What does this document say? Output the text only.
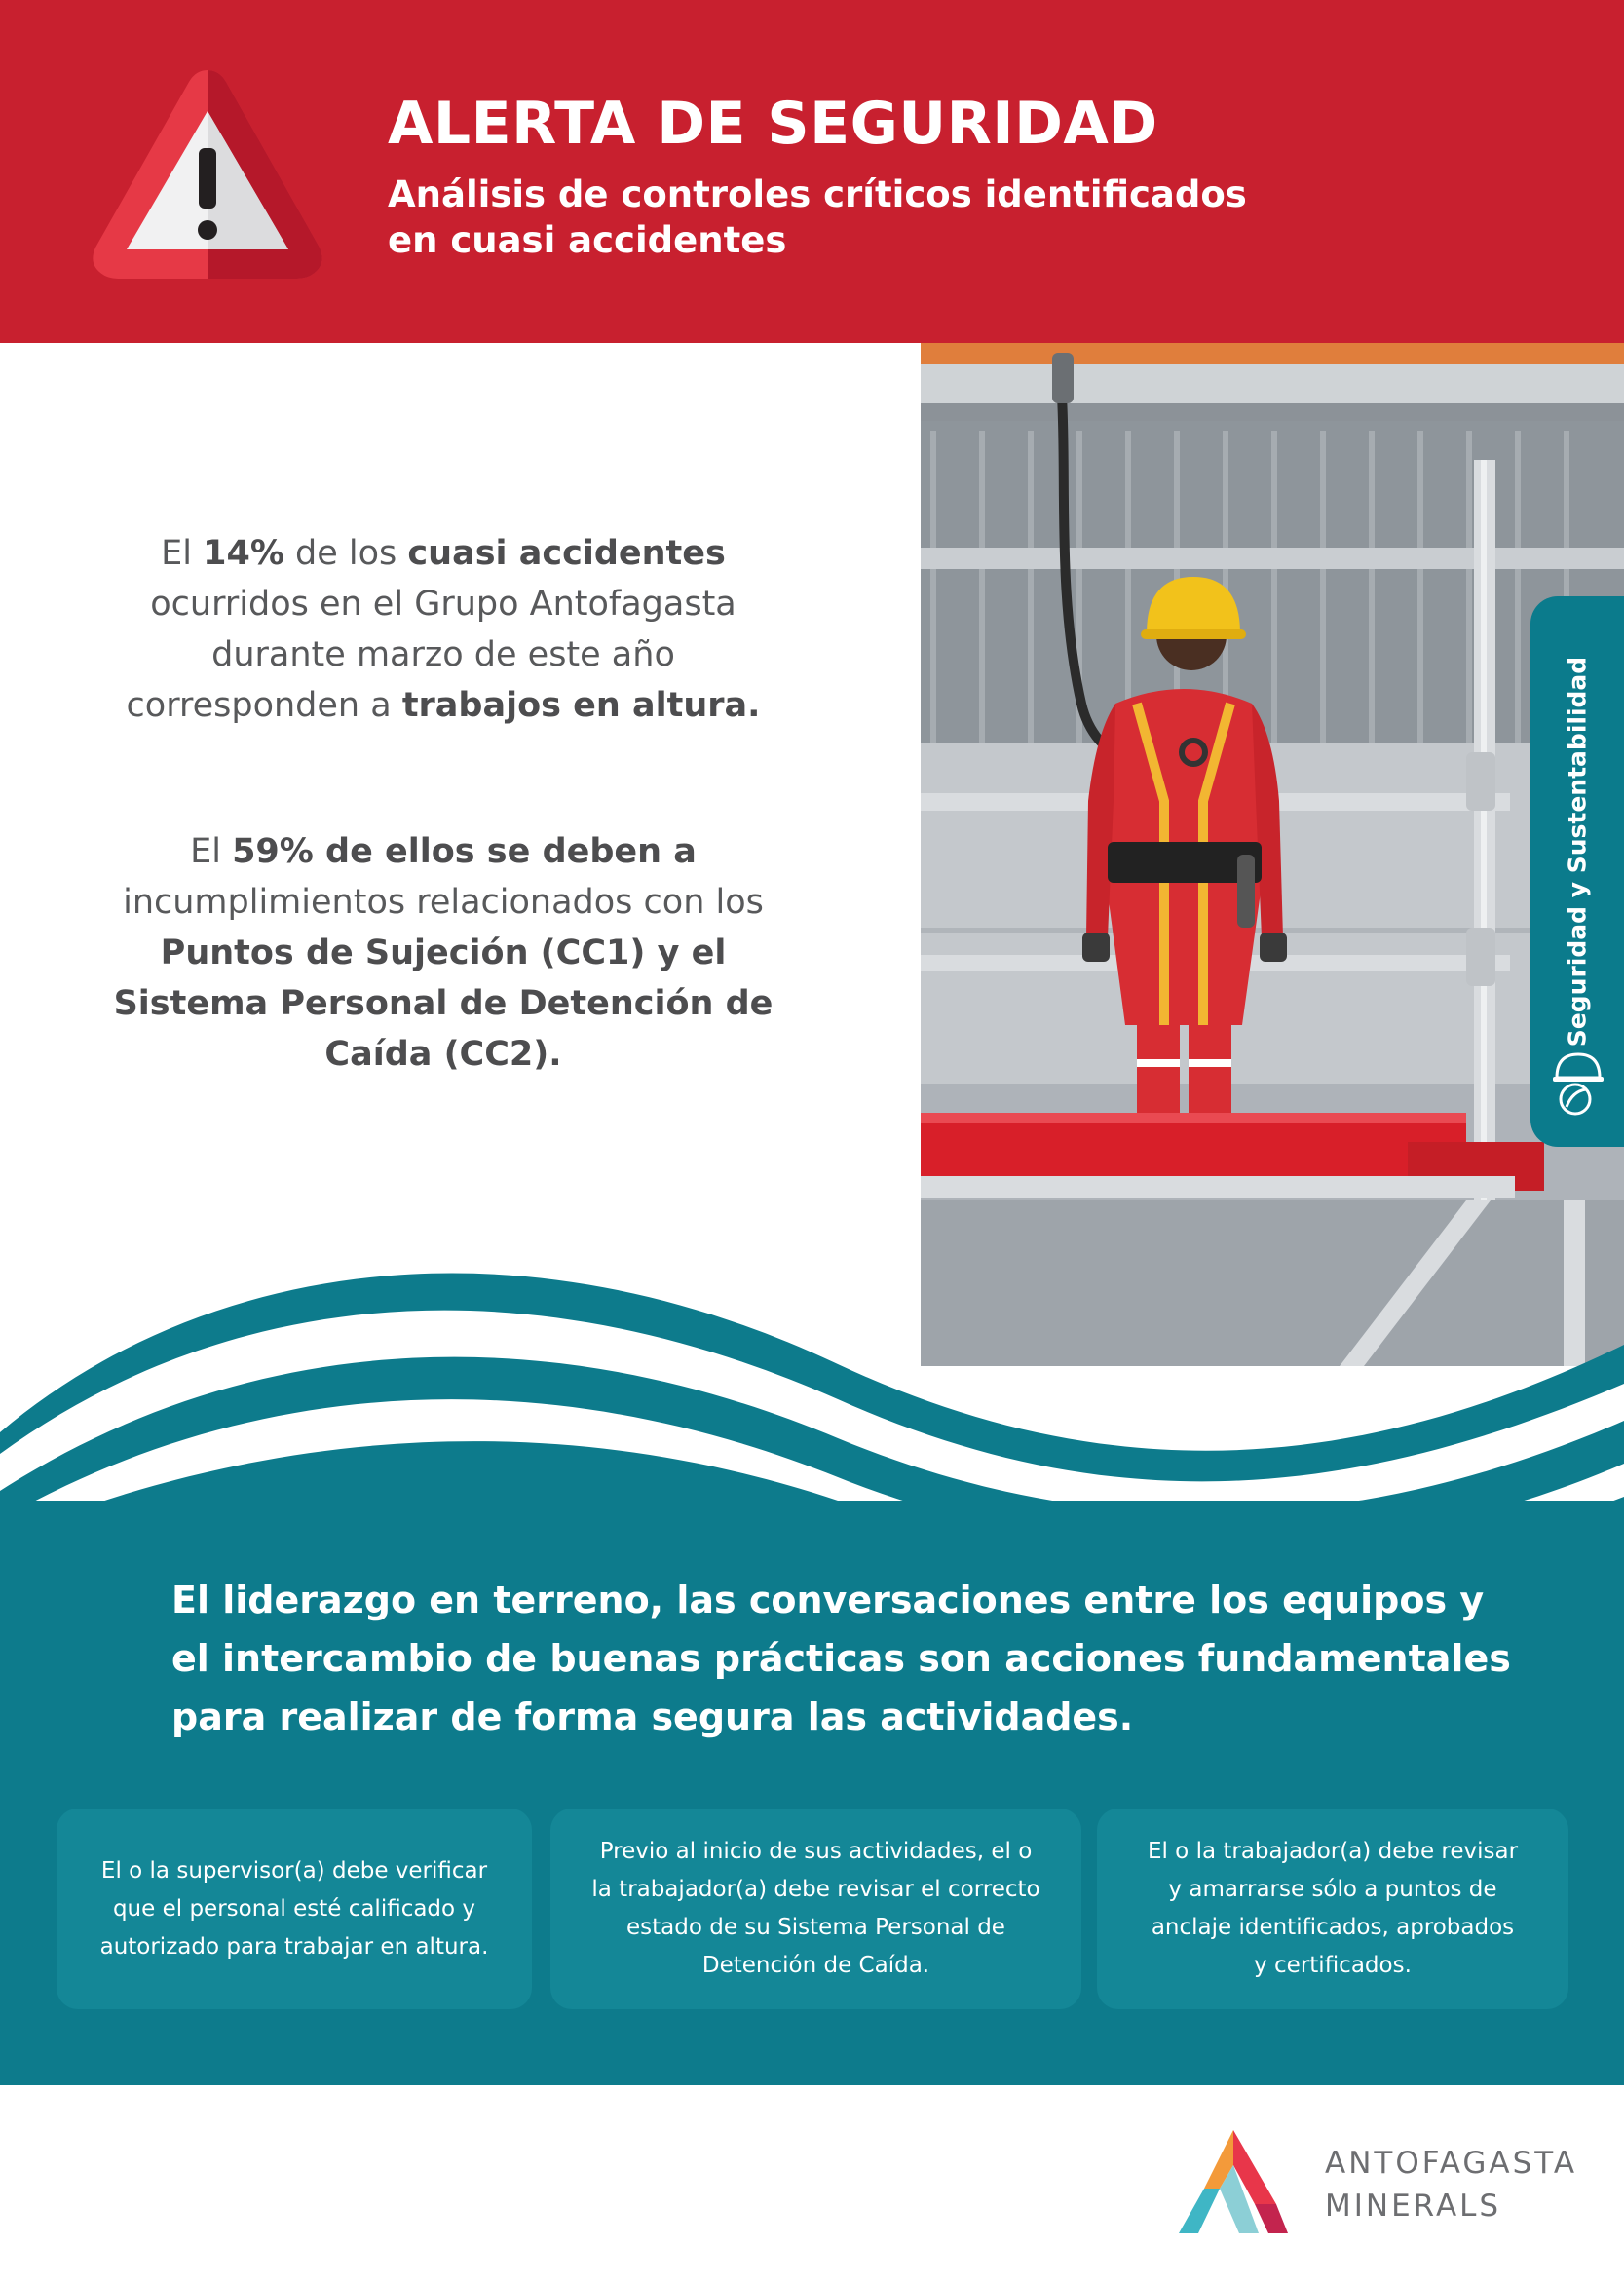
ALERTA DE SEGURIDAD
Análisis de controles críticos identificados
en cuasi accidentes
El 14% de los cuasi accidentes
ocurridos en el Grupo Antofagasta
durante marzo de este año
corresponden a trabajos en altura.
El 59% de ellos se deben a
incumplimientos relacionados con los
Puntos de Sujeción (CC1) y el
Sistema Personal de Detención de
Caída (CC2).
Seguridad y Sustentabilidad
El liderazgo en terreno, las conversaciones entre los equipos y
el intercambio de buenas prácticas son acciones fundamentales
para realizar de forma segura las actividades.
El o la supervisor(a) debe verificar
que el personal esté calificado y
autorizado para trabajar en altura.
Previo al inicio de sus actividades, el o
la trabajador(a) debe revisar el correcto
estado de su Sistema Personal de
Detención de Caída.
El o la trabajador(a) debe revisar
y amarrarse sólo a puntos de
anclaje identificados, aprobados
y certificados.
ANTOFAGASTA
MINERALS
